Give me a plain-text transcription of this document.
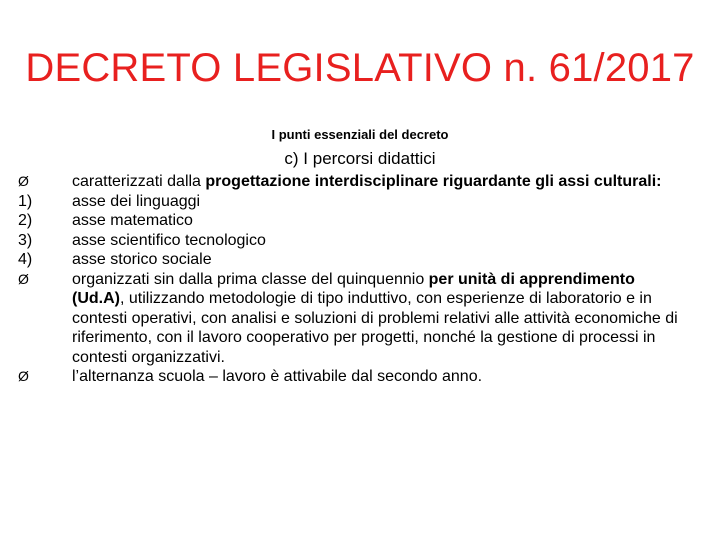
DECRETO LEGISLATIVO n. 61/2017
I punti essenziali del decreto
c) I percorsi didattici
Ø	caratterizzati dalla progettazione interdisciplinare riguardante gli assi culturali:
1)	asse dei linguaggi
2)	asse matematico
3)	asse scientifico tecnologico
4)	asse storico sociale
Ø	organizzati sin dalla prima classe del quinquennio per unità di apprendimento (Ud.A), utilizzando metodologie di tipo induttivo, con esperienze di laboratorio e in contesti operativi, con analisi e soluzioni di problemi relativi alle attività economiche di riferimento, con il lavoro cooperativo per progetti, nonché la gestione di processi in contesti organizzativi.
Ø	l’alternanza scuola – lavoro è attivabile dal secondo anno.
